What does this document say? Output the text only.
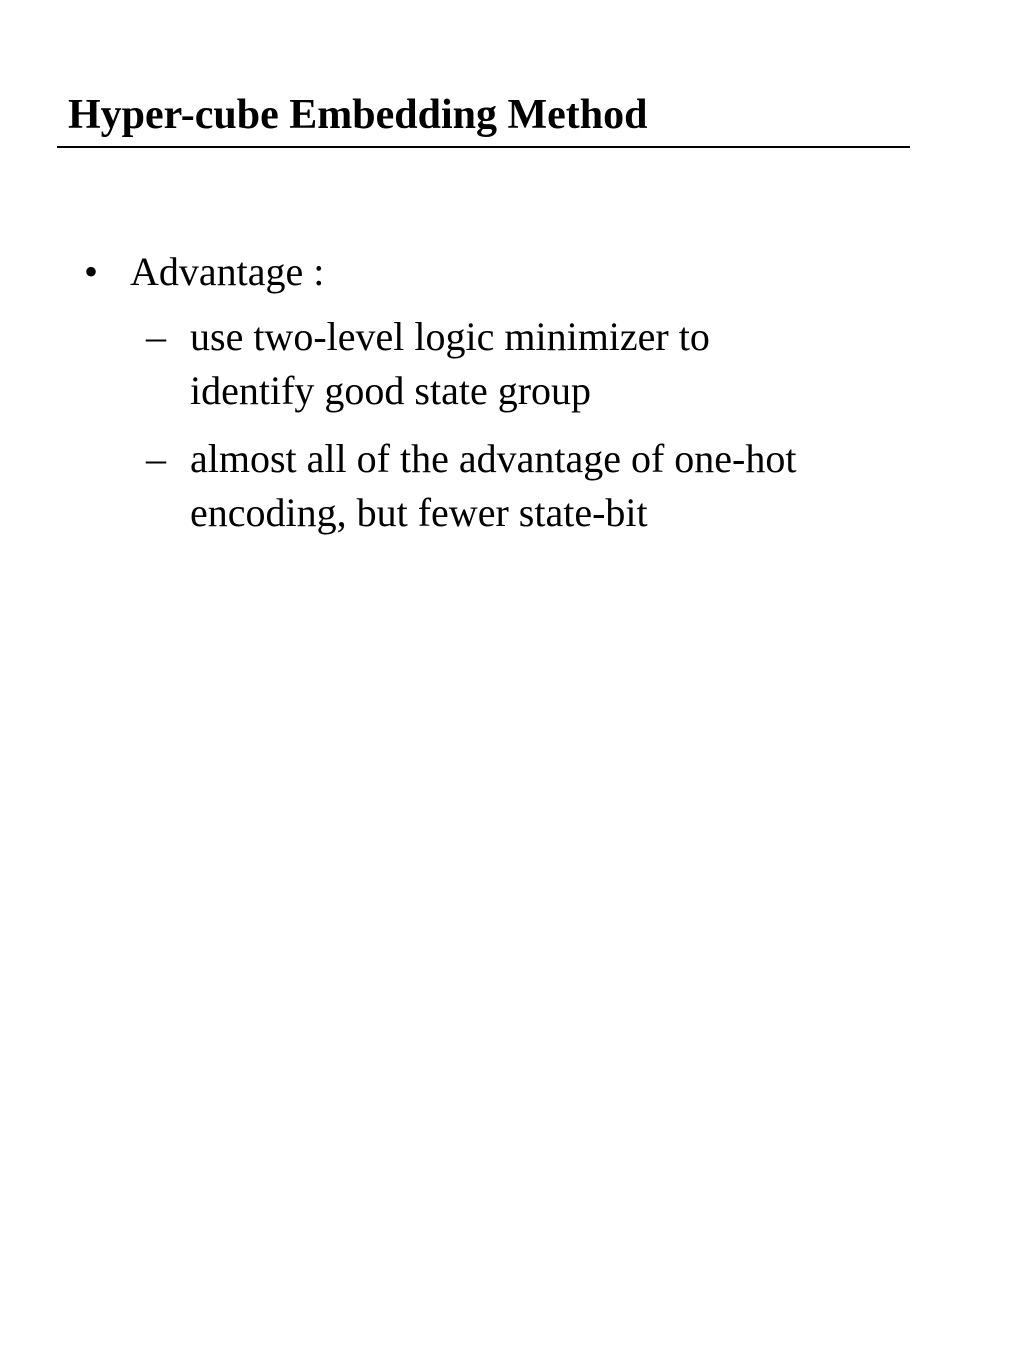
Hyper-cube Embedding Method
• Advantage :
– use two-level logic minimizer to
identify good state group
– almost all of the advantage of one-hot
encoding, but fewer state-bit
